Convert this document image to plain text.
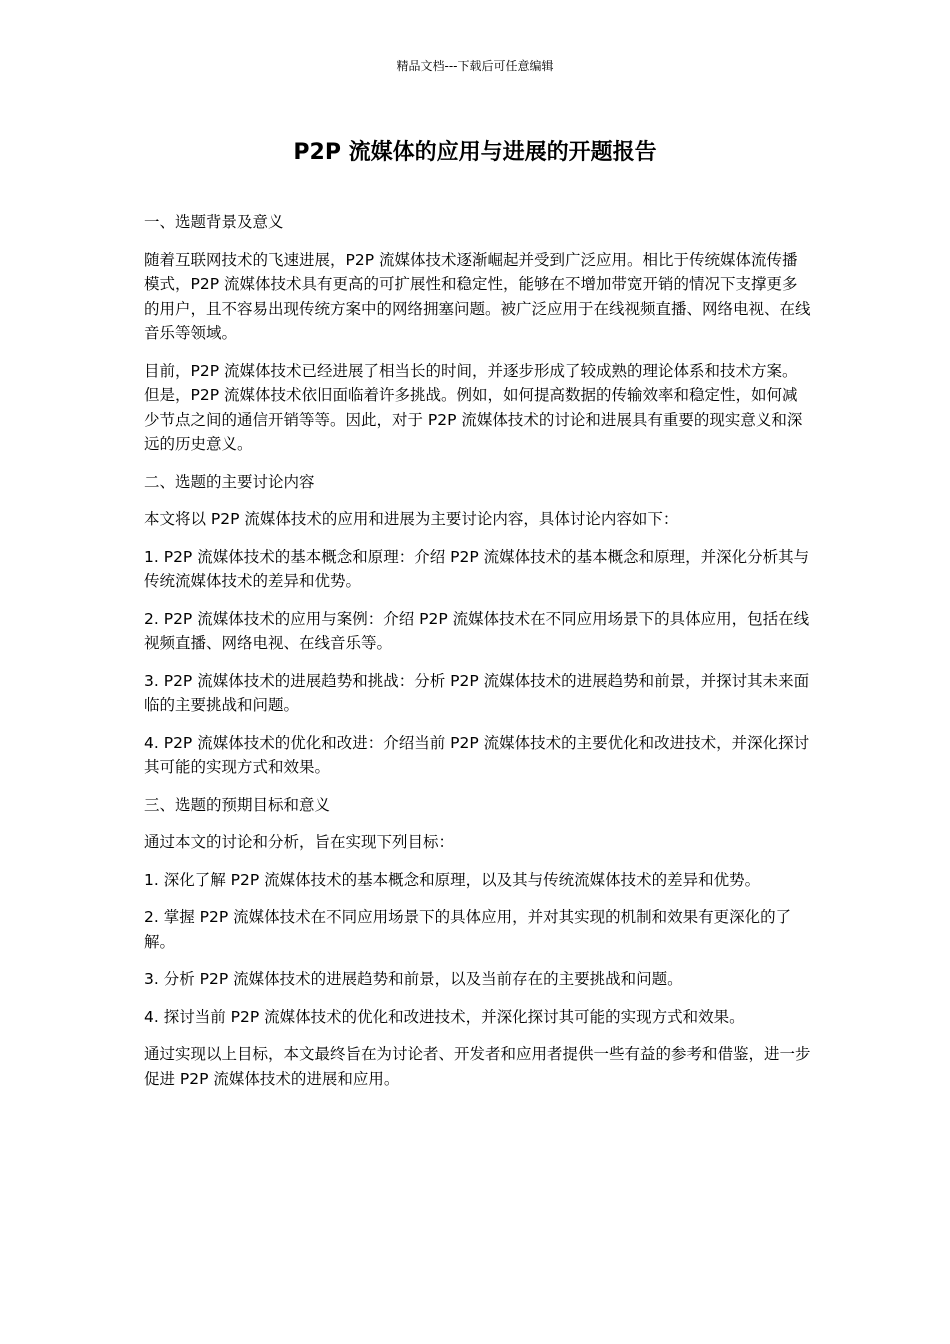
精品文档---下载后可任意编辑
P2P 流媒体的应用与进展的开题报告

一、选题背景及意义

随着互联网技术的飞速进展，P2P 流媒体技术逐渐崛起并受到广泛应用。相比于传统媒体流传播模式，P2P 流媒体技术具有更高的可扩展性和稳定性，能够在不增加带宽开销的情况下支撑更多的用户，且不容易出现传统方案中的网络拥塞问题。被广泛应用于在线视频直播、网络电视、在线音乐等领域。

目前，P2P 流媒体技术已经进展了相当长的时间，并逐步形成了较成熟的理论体系和技术方案。但是，P2P 流媒体技术依旧面临着许多挑战。例如，如何提高数据的传输效率和稳定性，如何减少节点之间的通信开销等等。因此，对于 P2P 流媒体技术的讨论和进展具有重要的现实意义和深远的历史意义。

二、选题的主要讨论内容

本文将以 P2P 流媒体技术的应用和进展为主要讨论内容，具体讨论内容如下：

1. P2P 流媒体技术的基本概念和原理：介绍 P2P 流媒体技术的基本概念和原理，并深化分析其与传统流媒体技术的差异和优势。

2. P2P 流媒体技术的应用与案例：介绍 P2P 流媒体技术在不同应用场景下的具体应用，包括在线视频直播、网络电视、在线音乐等。

3. P2P 流媒体技术的进展趋势和挑战：分析 P2P 流媒体技术的进展趋势和前景，并探讨其未来面临的主要挑战和问题。

4. P2P 流媒体技术的优化和改进：介绍当前 P2P 流媒体技术的主要优化和改进技术，并深化探讨其可能的实现方式和效果。

三、选题的预期目标和意义

通过本文的讨论和分析，旨在实现下列目标：

1. 深化了解 P2P 流媒体技术的基本概念和原理，以及其与传统流媒体技术的差异和优势。

2. 掌握 P2P 流媒体技术在不同应用场景下的具体应用，并对其实现的机制和效果有更深化的了解。

3. 分析 P2P 流媒体技术的进展趋势和前景，以及当前存在的主要挑战和问题。

4. 探讨当前 P2P 流媒体技术的优化和改进技术，并深化探讨其可能的实现方式和效果。

通过实现以上目标，本文最终旨在为讨论者、开发者和应用者提供一些有益的参考和借鉴，进一步促进 P2P 流媒体技术的进展和应用。
